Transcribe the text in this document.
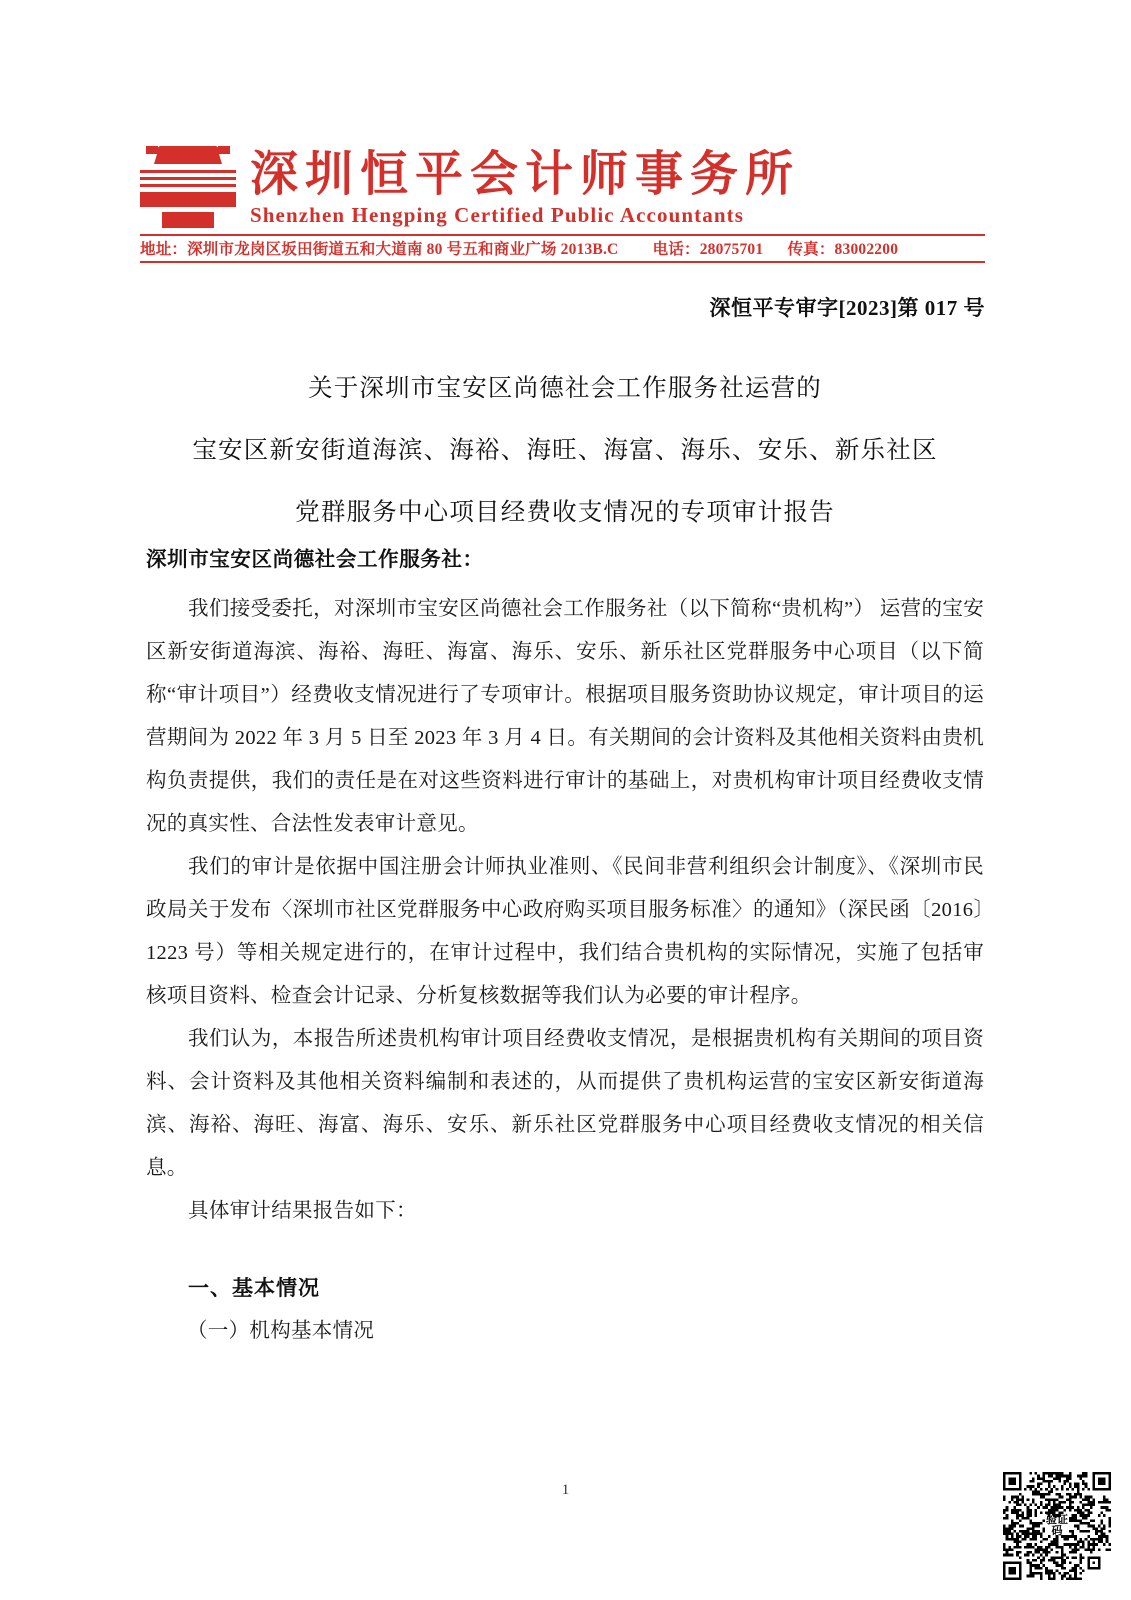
深圳恒平会计师事务所
Shenzhen Hengping Certified Public Accountants
地址：深圳市龙岗区坂田街道五和大道南 80 号五和商业广场 2013B.C 电话：28075701 传真：83002200
深恒平专审字[2023]第 017 号
关于深圳市宝安区尚德社会工作服务社运营的
宝安区新安街道海滨、海裕、海旺、海富、海乐、安乐、新乐社区
党群服务中心项目经费收支情况的专项审计报告
深圳市宝安区尚德社会工作服务社：

我们接受委托，对深圳市宝安区尚德社会工作服务社（以下简称“贵机构”） 运营的宝安区新安街道海滨、海裕、海旺、海富、海乐、安乐、新乐社区党群服务中心项目（以下简称“审计项目”）经费收支情况进行了专项审计。根据项目服务资助协议规定，审计项目的运营期间为 2022 年 3 月 5 日至 2023 年 3 月 4 日。有关期间的会计资料及其他相关资料由贵机构负责提供，我们的责任是在对这些资料进行审计的基础上，对贵机构审计项目经费收支情况的真实性、合法性发表审计意见。

我们的审计是依据中国注册会计师执业准则、《民间非营利组织会计制度》、《深圳市民政局关于发布〈深圳市社区党群服务中心政府购买项目服务标准〉的通知》（深民函〔2016〕1223 号）等相关规定进行的，在审计过程中，我们结合贵机构的实际情况，实施了包括审核项目资料、检查会计记录、分析复核数据等我们认为必要的审计程序。

我们认为，本报告所述贵机构审计项目经费收支情况，是根据贵机构有关期间的项目资料、会计资料及其他相关资料编制和表述的，从而提供了贵机构运营的宝安区新安街道海滨、海裕、海旺、海富、海乐、安乐、新乐社区党群服务中心项目经费收支情况的相关信息。

具体审计结果报告如下：

一、基本情况
（一）机构基本情况
1
验证码
